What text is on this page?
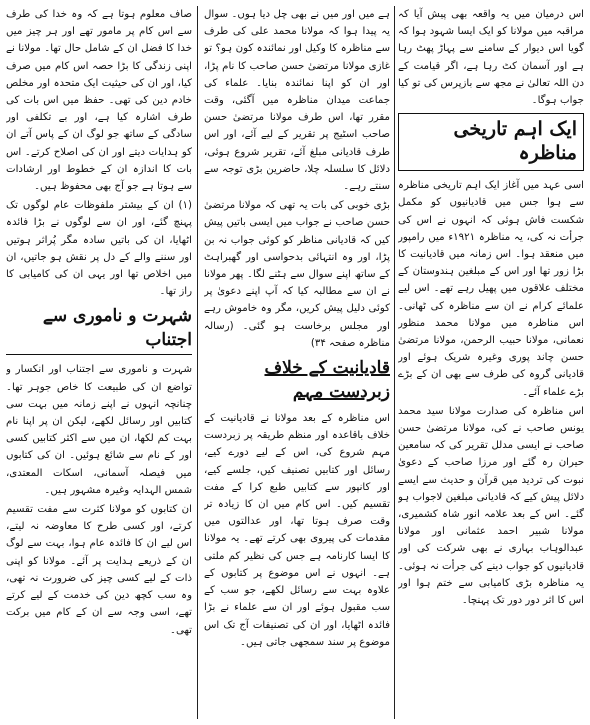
اس درمیان میں یہ واقعہ بھی پیش آیا کہ مراقبہ میں مولانا کو ایک ایسا شہود ہوا کہ گویا اس دیوار کے سامنے سے پہاڑ پھٹ رہا ہے اور آسمان کٹ رہا ہے، اگر قیامت کے دن اللہ تعالیٰ نے مجھ سے بازپرس کی تو کیا جواب ہوگا۔

ایک اہم تاریخی مناظرہ

اسی عہد میں آغاز ایک اہم تاریخی مناظرہ سے ہوا جس میں قادیانیوں کو مکمل شکست فاش ہوئی کہ انہوں نے اس کی جرأت نہ کی، یہ مناظرہ ۱۹۲۱ء میں رامپور میں منعقد ہوا۔ اس زمانہ میں قادیانیت کا بڑا زور تھا اور اس کے مبلغین ہندوستان کے مختلف علاقوں میں پھیل رہے تھے۔ اس لیے علمائے کرام نے ان سے مناظرہ کی ٹھانی۔ اس مناظرہ میں مولانا محمد منظور نعمانی، مولانا حبیب الرحمن، مولانا مرتضیٰ حسن چاند پوری وغیرہ شریک ہوئے اور قادیانی گروہ کی طرف سے بھی ان کے بڑے بڑے علماء آئے۔

اس مناظرہ کی صدارت مولانا سید محمد یونس صاحب نے کی، مولانا مرتضیٰ حسن صاحب نے ایسی مدلل تقریر کی کہ سامعین حیران رہ گئے اور مرزا صاحب کے دعویٰ نبوت کی تردید میں قرآن و حدیث سے ایسے دلائل پیش کیے کہ قادیانی مبلغین لاجواب ہو گئے۔ اس کے بعد علامہ انور شاہ کشمیری، مولانا شبیر احمد عثمانی اور مولانا عبدالوہاب بہاری نے بھی شرکت کی اور قادیانیوں کو جواب دینے کی جرأت نہ ہوئی۔ یہ مناظرہ بڑی کامیابی سے ختم ہوا اور اس کا اثر دور دور تک پہنچا۔

ہے میں اور میں نے بھی چل دیا ہوں۔ سوال یہ پیدا ہوا کہ مولانا محمد علی کی طرف سے مناظرہ کا وکیل اور نمائندہ کون ہو؟ تو غازی مولانا مرتضیٰ حسن صاحب کا نام پڑا، اور ان کو اپنا نمائندہ بنایا۔ علماء کی جماعت میدان مناظرہ میں آگئی، وقت مقرر تھا، اس طرف مولانا مرتضیٰ حسن صاحب اسٹیج پر تقریر کے لیے آئے، اور اس طرف قادیانی مبلغ آئے، تقریر شروع ہوئی، دلائل کا سلسلہ چلا، حاضرین بڑی توجہ سے سنتے رہے۔

بڑی خوبی کی بات یہ تھی کہ مولانا مرتضیٰ حسن صاحب نے جواب میں ایسی باتیں پیش کیں کہ قادیانی مناظر کو کوئی جواب نہ بن پڑا، اور وہ انتہائی بدحواسی اور گھبراہٹ کے ساتھ اپنے سوال سے ہٹنے لگا۔ پھر مولانا نے ان سے مطالبہ کیا کہ آپ اپنے دعویٰ پر کوئی دلیل پیش کریں، مگر وہ خاموش رہے اور مجلس برخاست ہو گئی۔ (رسالہ مناظرہ صفحہ ۳۴)

قادیانیت کے خلاف زبردست مہم

اس مناظرہ کے بعد مولانا نے قادیانیت کے خلاف باقاعدہ اور منظم طریقہ پر زبردست مہم شروع کی، اس کے لیے دورے کیے، رسائل اور کتابیں تصنیف کیں، جلسے کیے، اور کانپور سے کتابیں طبع کرا کے مفت تقسیم کیں۔ اس کام میں ان کا زیادہ تر وقت صرف ہوتا تھا، اور عدالتوں میں مقدمات کی پیروی بھی کرتے تھے۔ یہ مولانا کا ایسا کارنامہ ہے جس کی نظیر کم ملتی ہے۔ انہوں نے اس موضوع پر کتابوں کے علاوہ بہت سے رسائل لکھے، جو سب کے سب مقبول ہوئے اور ان سے علماء نے بڑا فائدہ اٹھایا، اور ان کی تصنیفات آج تک اس موضوع پر سند سمجھی جاتی ہیں۔

صاف معلوم ہوتا ہے کہ وہ خدا کی طرف سے اس کام پر مامور تھے اور ہر چیز میں خدا کا فضل ان کے شامل حال تھا۔ مولانا نے اپنی زندگی کا بڑا حصہ اس کام میں صرف کیا، اور ان کی حیثیت ایک متحدہ اور مخلص خادم دین کی تھی۔ حفظ میں اس بات کی طرف اشارہ کیا ہے، اور بے تکلفی اور سادگی کے ساتھ جو لوگ ان کے پاس آتے ان کو ہدایات دیتے اور ان کی اصلاح کرتے۔ اس بات کا اندازہ ان کے خطوط اور ارشادات سے ہوتا ہے جو آج بھی محفوظ ہیں۔

(۱) ان کے بیشتر ملفوظات عام لوگوں تک پہنچ گئے، اور ان سے لوگوں نے بڑا فائدہ اٹھایا، ان کی باتیں سادہ مگر پُراثر ہوتیں اور سننے والے کے دل پر نقش ہو جاتیں، ان میں اخلاص تھا اور یہی ان کی کامیابی کا راز تھا۔

شہرت و ناموری سے اجتناب

شہرت و ناموری سے اجتناب اور انکسار و تواضع ان کی طبیعت کا خاص جوہر تھا۔ چنانچہ انہوں نے اپنے زمانہ میں بہت سی کتابیں اور رسائل لکھے، لیکن ان پر اپنا نام بہت کم لکھا، ان میں سے اکثر کتابیں کسی اور کے نام سے شائع ہوئیں۔ ان کی کتابوں میں فیصلہ آسمانی، اسکات المعتدی، شمس الہدایہ وغیرہ مشہور ہیں۔

ان کتابوں کو مولانا کثرت سے مفت تقسیم کرتے، اور کسی طرح کا معاوضہ نہ لیتے، اس لیے ان کا فائدہ عام ہوا، بہت سے لوگ ان کے ذریعے ہدایت پر آئے۔ مولانا کو اپنی ذات کے لیے کسی چیز کی ضرورت نہ تھی، وہ سب کچھ دین کی خدمت کے لیے کرتے تھے، اسی وجہ سے ان کے کام میں برکت تھی۔
